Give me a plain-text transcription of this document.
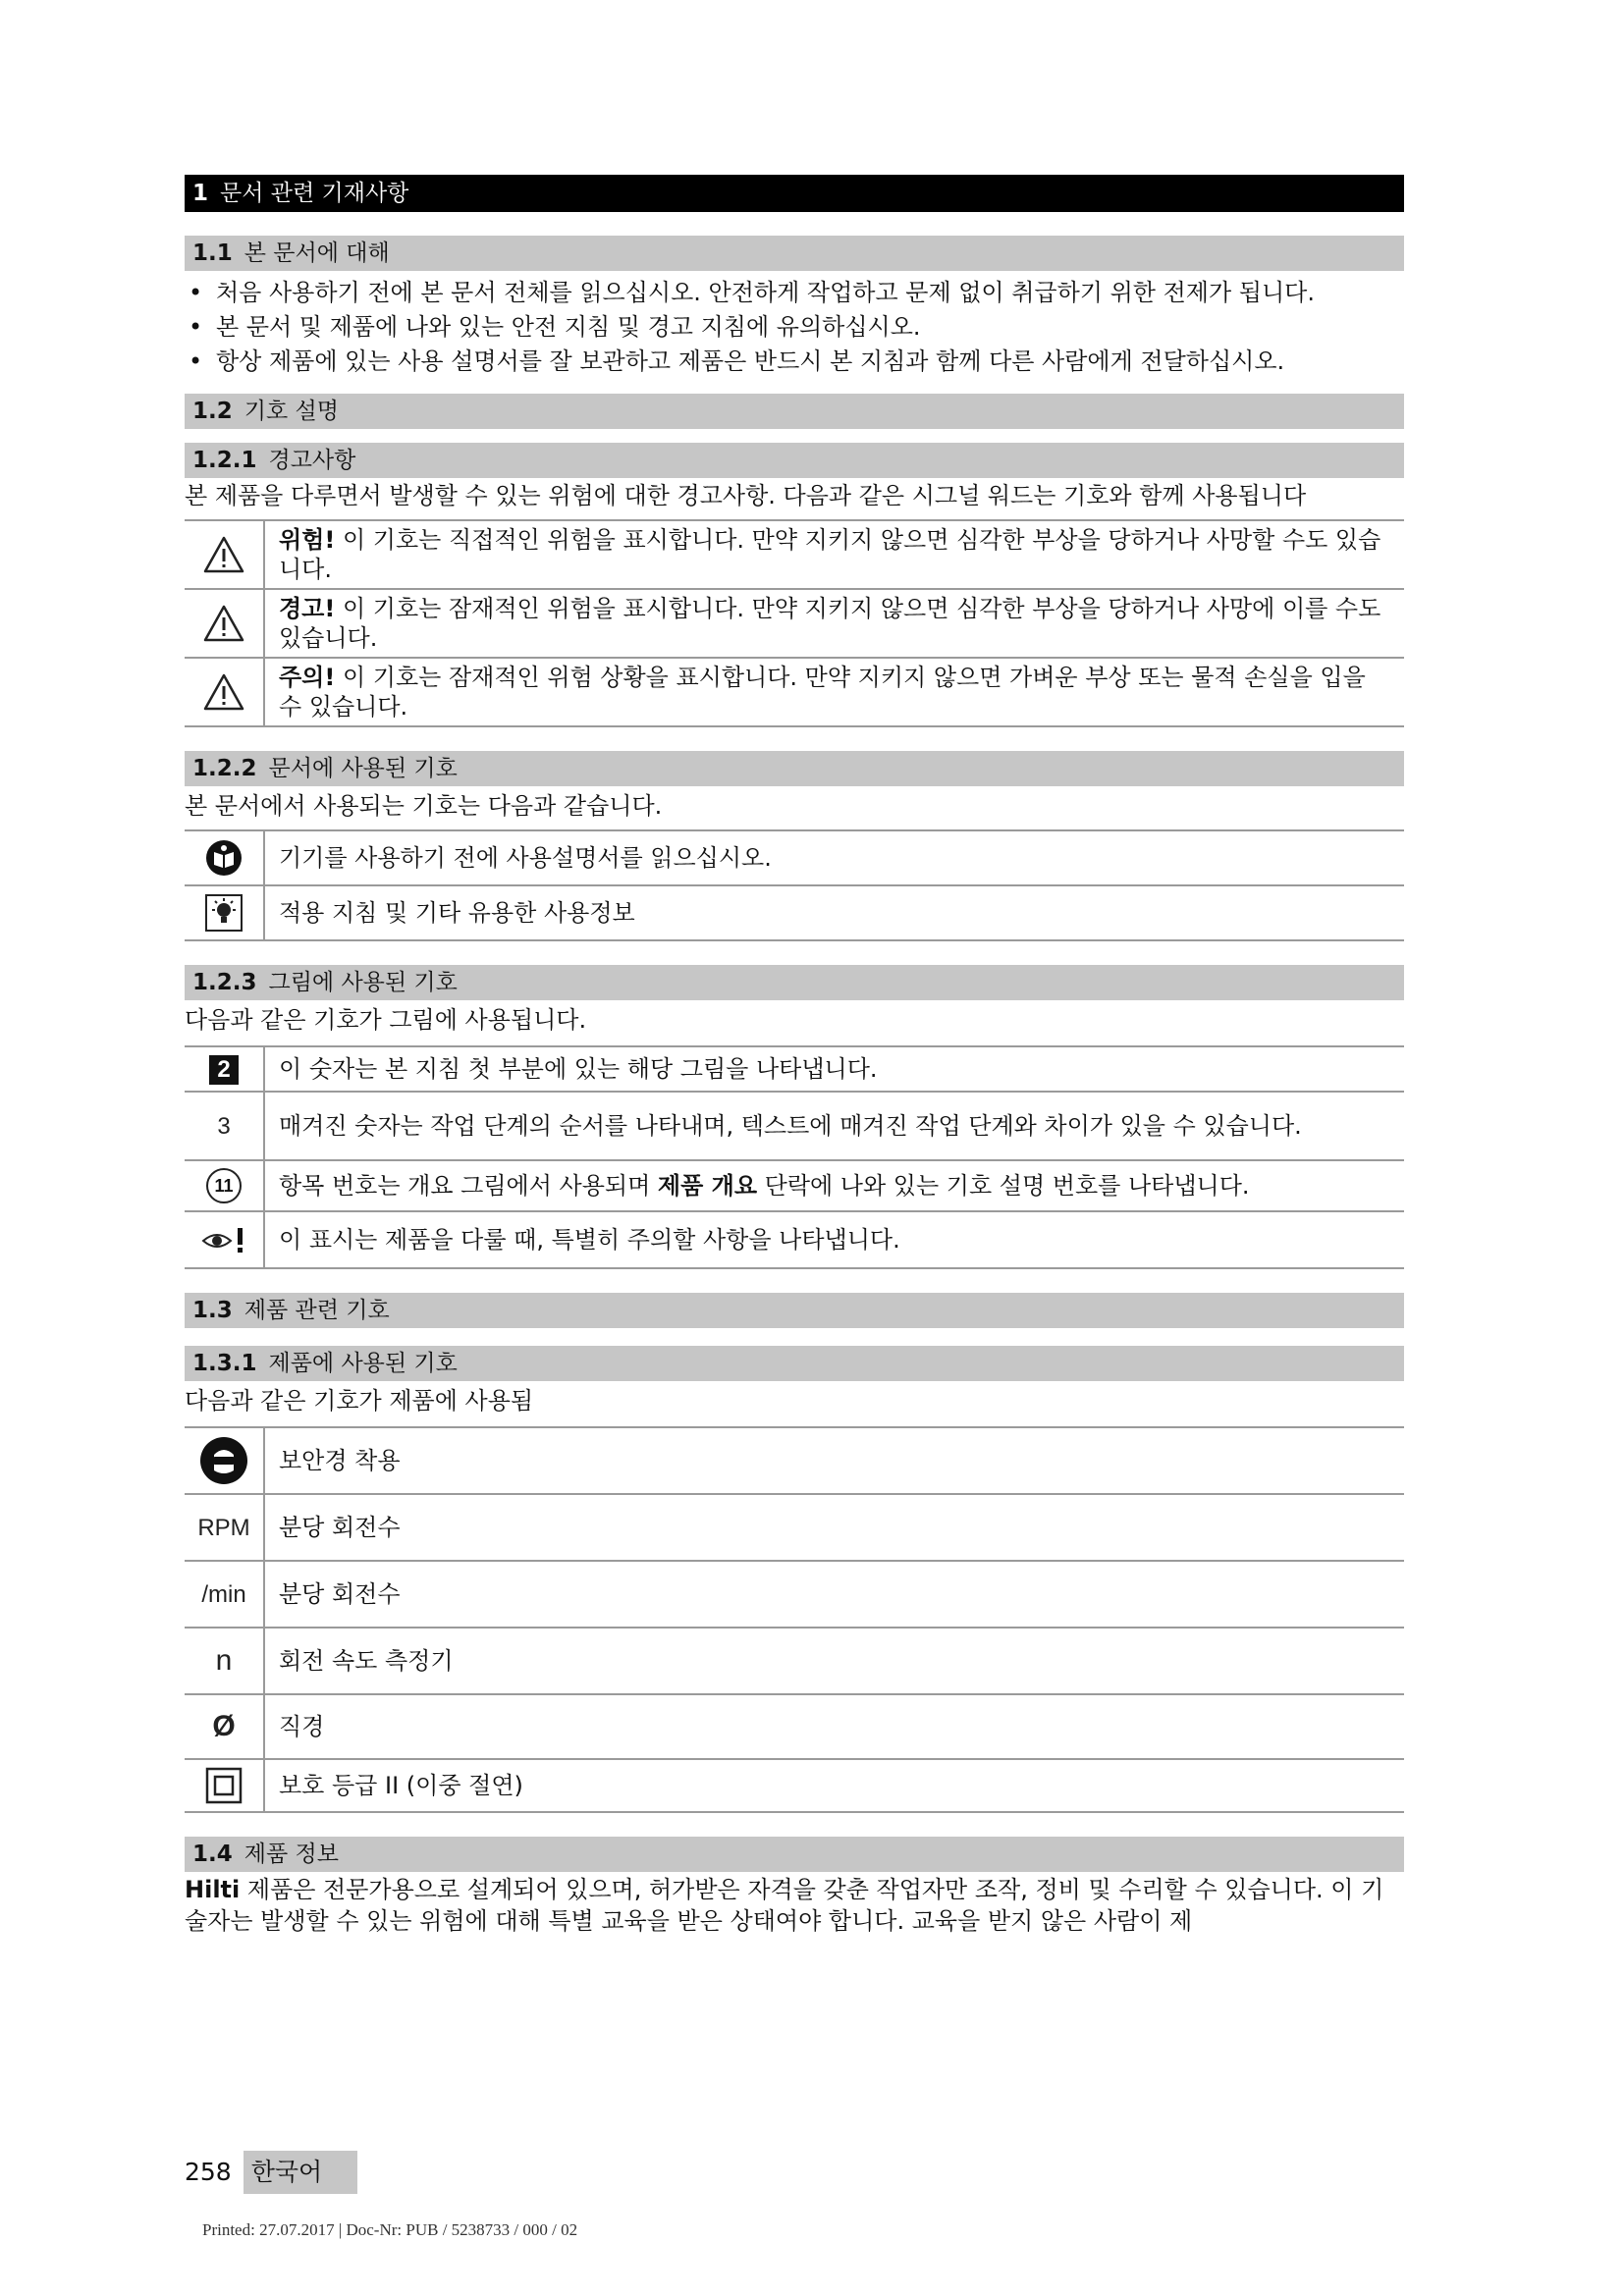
1 문서 관련 기재사항
1.1 본 문서에 대해
• 처음 사용하기 전에 본 문서 전체를 읽으십시오. 안전하게 작업하고 문제 없이 취급하기 위한 전제가 됩니다.
• 본 문서 및 제품에 나와 있는 안전 지침 및 경고 지침에 유의하십시오.
• 항상 제품에 있는 사용 설명서를 잘 보관하고 제품은 반드시 본 지침과 함께 다른 사람에게 전달하십시오.
1.2 기호 설명
1.2.1 경고사항

본 제품을 다루면서 발생할 수 있는 위험에 대한 경고사항. 다음과 같은 시그널 워드는 기호와 함께 사용됩니다

	위험! 이 기호는 직접적인 위험을 표시합니다. 만약 지키지 않으면 심각한 부상을 당하거나 사망할 수도 있습니다.

	경고! 이 기호는 잠재적인 위험을 표시합니다. 만약 지키지 않으면 심각한 부상을 당하거나 사망에 이를 수도 있습니다.

	주의! 이 기호는 잠재적인 위험 상황을 표시합니다. 만약 지키지 않으면 가벼운 부상 또는 물적 손실을 입을 수 있습니다.
1.2.2 문서에 사용된 기호

본 문서에서 사용되는 기호는 다음과 같습니다.

	기기를 사용하기 전에 사용설명서를 읽으십시오.

	적용 지침 및 기타 유용한 사용정보
1.2.3 그림에 사용된 기호

다음과 같은 기호가 그림에 사용됩니다.

2	이 숫자는 본 지침 첫 부분에 있는 해당 그림을 나타냅니다.
3	매겨진 숫자는 작업 단계의 순서를 나타내며, 텍스트에 매겨진 작업 단계와 차이가 있을 수 있습니다.
11	항목 번호는 개요 그림에서 사용되며 제품 개요 단락에 나와 있는 기호 설명 번호를 나타냅니다.

	이 표시는 제품을 다룰 때, 특별히 주의할 사항을 나타냅니다.
1.3 제품 관련 기호
1.3.1 제품에 사용된 기호

다음과 같은 기호가 제품에 사용됨

	보안경 착용
RPM	분당 회전수
/min	분당 회전수
n	회전 속도 측정기
Ø	직경

	보호 등급 II (이중 절연)
1.4 제품 정보

Hilti 제품은 전문가용으로 설계되어 있으며, 허가받은 자격을 갖춘 작업자만 조작, 정비 및 수리할 수 있습니다. 이 기술자는 발생할 수 있는 위험에 대해 특별 교육을 받은 상태여야 합니다. 교육을 받지 않은 사람이 제

258 한국어
Printed: 27.07.2017 | Doc-Nr: PUB / 5238733 / 000 / 02
